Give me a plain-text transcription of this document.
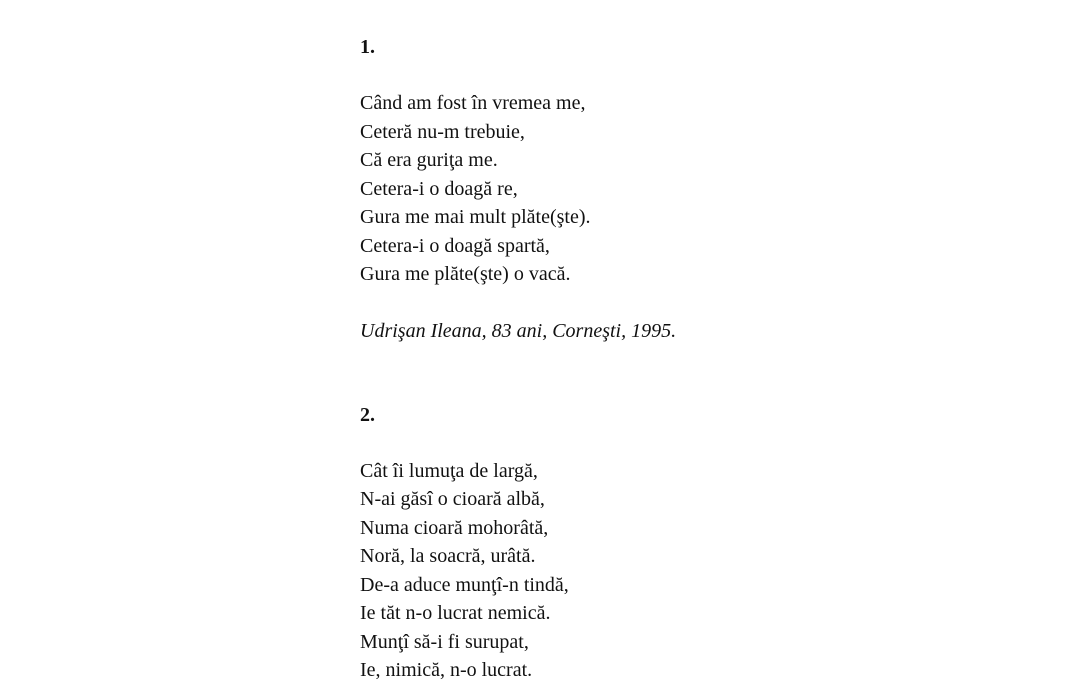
1.

Când am fost în vremea me,
Ceteră nu-m trebuie,
Că era guriţa me.
Cetera-i o doagă re,
Gura me mai mult plăte(şte).
Cetera-i o doagă spartă,
Gura me plăte(şte) o vacă.

Udrişan Ileana, 83 ani, Corneşti, 1995.

2.

Cât îi lumuţa de largă,
N-ai găsî o cioară albă,
Numa cioară mohorâtă,
Noră, la soacră, urâtă.
De-a aduce munţî-n tindă,
Ie tăt n-o lucrat nemică.
Munţî să-i fi surupat,
Ie, nimică, n-o lucrat.
